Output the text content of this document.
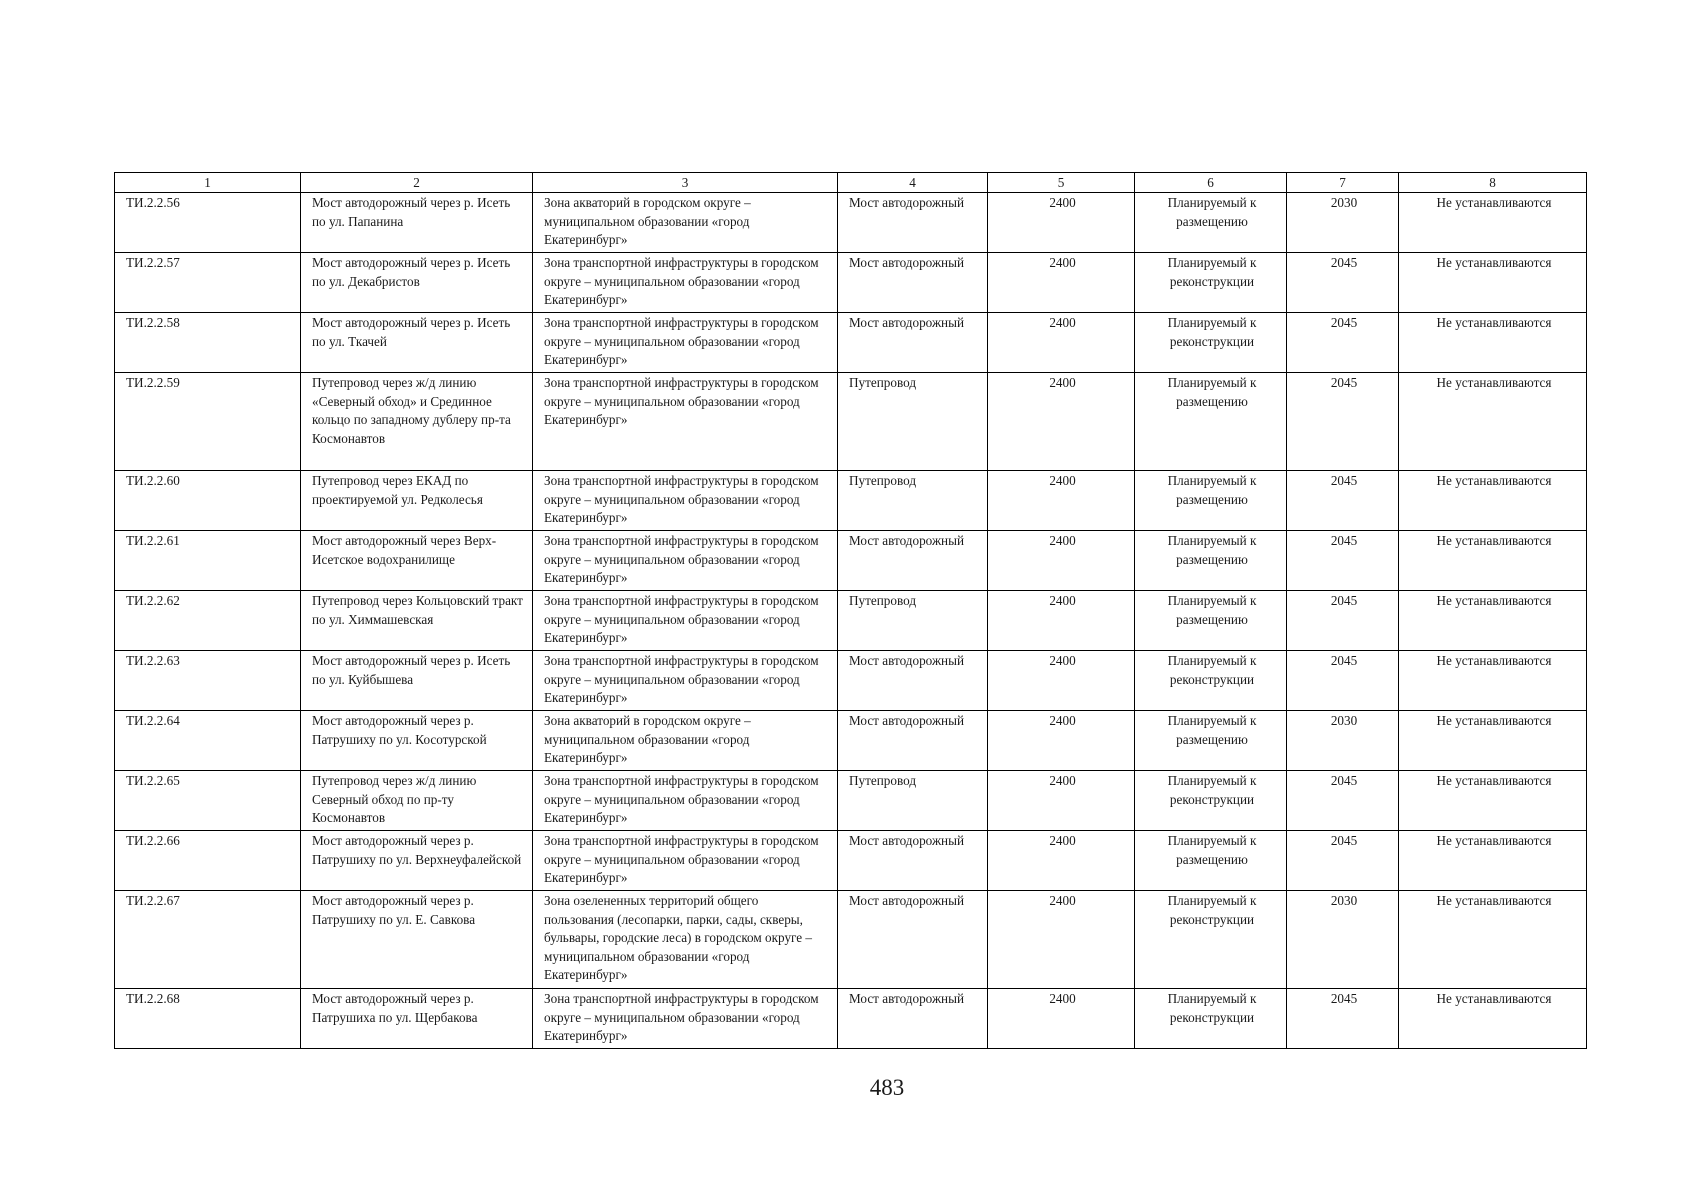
1	2	3	4	5	6	7	8
ТИ.2.2.56	Мост автодорожный через р. Исеть по ул. Папанина	Зона акваторий в городском округе – муниципальном образовании «город Екатеринбург»	Мост автодорожный	2400	Планируемый к размещению	2030	Не устанавливаются
ТИ.2.2.57	Мост автодорожный через р. Исеть по ул. Декабристов	Зона транспортной инфраструктуры в городском округе – муниципальном образовании «город Екатеринбург»	Мост автодорожный	2400	Планируемый к реконструкции	2045	Не устанавливаются
ТИ.2.2.58	Мост автодорожный через р. Исеть по ул. Ткачей	Зона транспортной инфраструктуры в городском округе – муниципальном образовании «город Екатеринбург»	Мост автодорожный	2400	Планируемый к реконструкции	2045	Не устанавливаются
ТИ.2.2.59	Путепровод через ж/д линию «Северный обход» и Срединное кольцо по западному дублеру пр-та Космонавтов	Зона транспортной инфраструктуры в городском округе – муниципальном образовании «город Екатеринбург»	Путепровод	2400	Планируемый к размещению	2045	Не устанавливаются
ТИ.2.2.60	Путепровод через ЕКАД по проектируемой ул. Редколесья	Зона транспортной инфраструктуры в городском округе – муниципальном образовании «город Екатеринбург»	Путепровод	2400	Планируемый к размещению	2045	Не устанавливаются
ТИ.2.2.61	Мост автодорожный через Верх-Исетское водохранилище	Зона транспортной инфраструктуры в городском округе – муниципальном образовании «город Екатеринбург»	Мост автодорожный	2400	Планируемый к размещению	2045	Не устанавливаются
ТИ.2.2.62	Путепровод через Кольцовский тракт по ул. Химмашевская	Зона транспортной инфраструктуры в городском округе – муниципальном образовании «город Екатеринбург»	Путепровод	2400	Планируемый к размещению	2045	Не устанавливаются
ТИ.2.2.63	Мост автодорожный через р. Исеть по ул. Куйбышева	Зона транспортной инфраструктуры в городском округе – муниципальном образовании «город Екатеринбург»	Мост автодорожный	2400	Планируемый к реконструкции	2045	Не устанавливаются
ТИ.2.2.64	Мост автодорожный через р. Патрушиху по ул. Косотурской	Зона акваторий в городском округе – муниципальном образовании «город Екатеринбург»	Мост автодорожный	2400	Планируемый к размещению	2030	Не устанавливаются
ТИ.2.2.65	Путепровод через ж/д линию Северный обход по пр-ту Космонавтов	Зона транспортной инфраструктуры в городском округе – муниципальном образовании «город Екатеринбург»	Путепровод	2400	Планируемый к реконструкции	2045	Не устанавливаются
ТИ.2.2.66	Мост автодорожный через р. Патрушиху по ул. Верхнеуфалейской	Зона транспортной инфраструктуры в городском округе – муниципальном образовании «город Екатеринбург»	Мост автодорожный	2400	Планируемый к размещению	2045	Не устанавливаются
ТИ.2.2.67	Мост автодорожный через р. Патрушиху по ул. Е. Савкова	Зона озелененных территорий общего пользования (лесопарки, парки, сады, скверы, бульвары, городские леса) в городском округе – муниципальном образовании «город Екатеринбург»	Мост автодорожный	2400	Планируемый к реконструкции	2030	Не устанавливаются
ТИ.2.2.68	Мост автодорожный через р. Патрушиха по ул. Щербакова	Зона транспортной инфраструктуры в городском округе – муниципальном образовании «город Екатеринбург»	Мост автодорожный	2400	Планируемый к реконструкции	2045	Не устанавливаются
483
